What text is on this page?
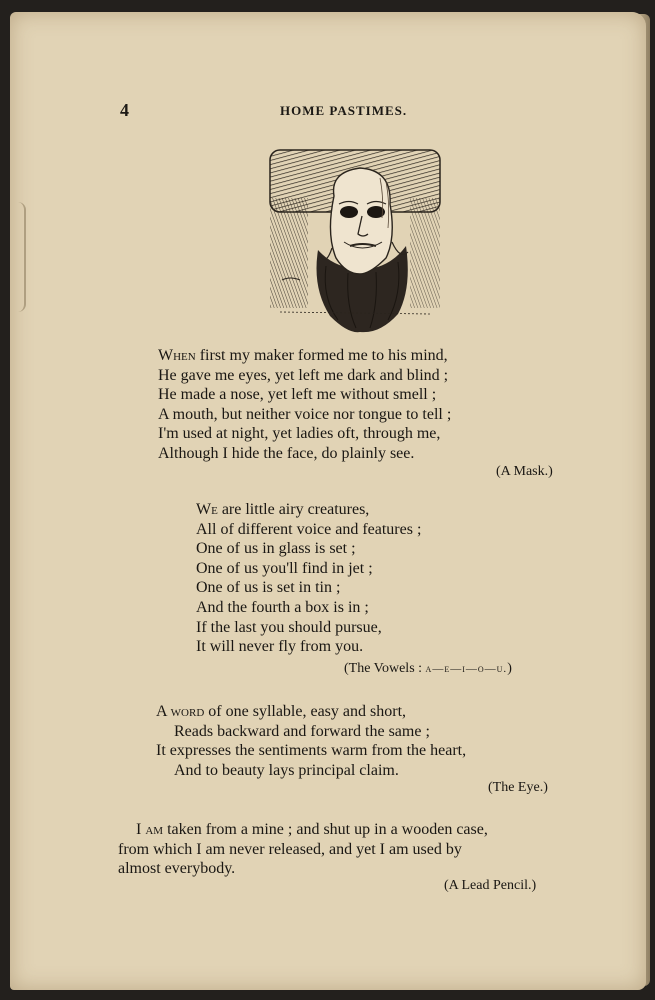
4	HOME PASTIMES.
When first my maker formed me to his mind,
He gave me eyes, yet left me dark and blind ;
He made a nose, yet left me without smell ;
A mouth, but neither voice nor tongue to tell ;
I'm used at night, yet ladies oft, through me,
Although I hide the face, do plainly see.
(A Mask.)
We are little airy creatures,
All of different voice and features ;
One of us in glass is set ;
One of us you'll find in jet ;
One of us is set in tin ;
And the fourth a box is in ;
If the last you should pursue,
It will never fly from you.
(The Vowels : a—e—i—o—u.)
A word of one syllable, easy and short,
Reads backward and forward the same ;
It expresses the sentiments warm from the heart,
And to beauty lays principal claim.
(The Eye.)
I am taken from a mine ; and shut up in a wooden case,
from which I am never released, and yet I am used by
almost everybody.
(A Lead Pencil.)
